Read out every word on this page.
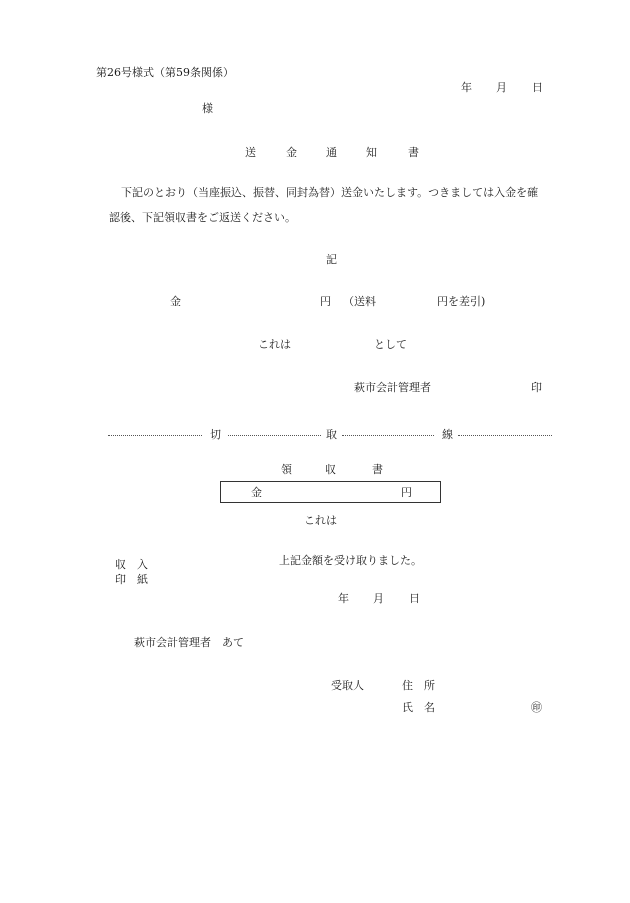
第26号様式（第59条関係）
年 月 日
様
送	金	通	知	書
下記のとおり（当座振込、振替、同封為替）送金いたします。つきましては入金を確
認後、下記領収書をご返送ください。
記
金	円 （送料	円を差引)
これは	として
萩市会計管理者	印
切	取	線
領	収	書
金	円
これは
収　入
印　紙
上記金額を受け取りました。
年 月 日
萩市会計管理者　あて
受取人	住　所
氏　名	㊞
